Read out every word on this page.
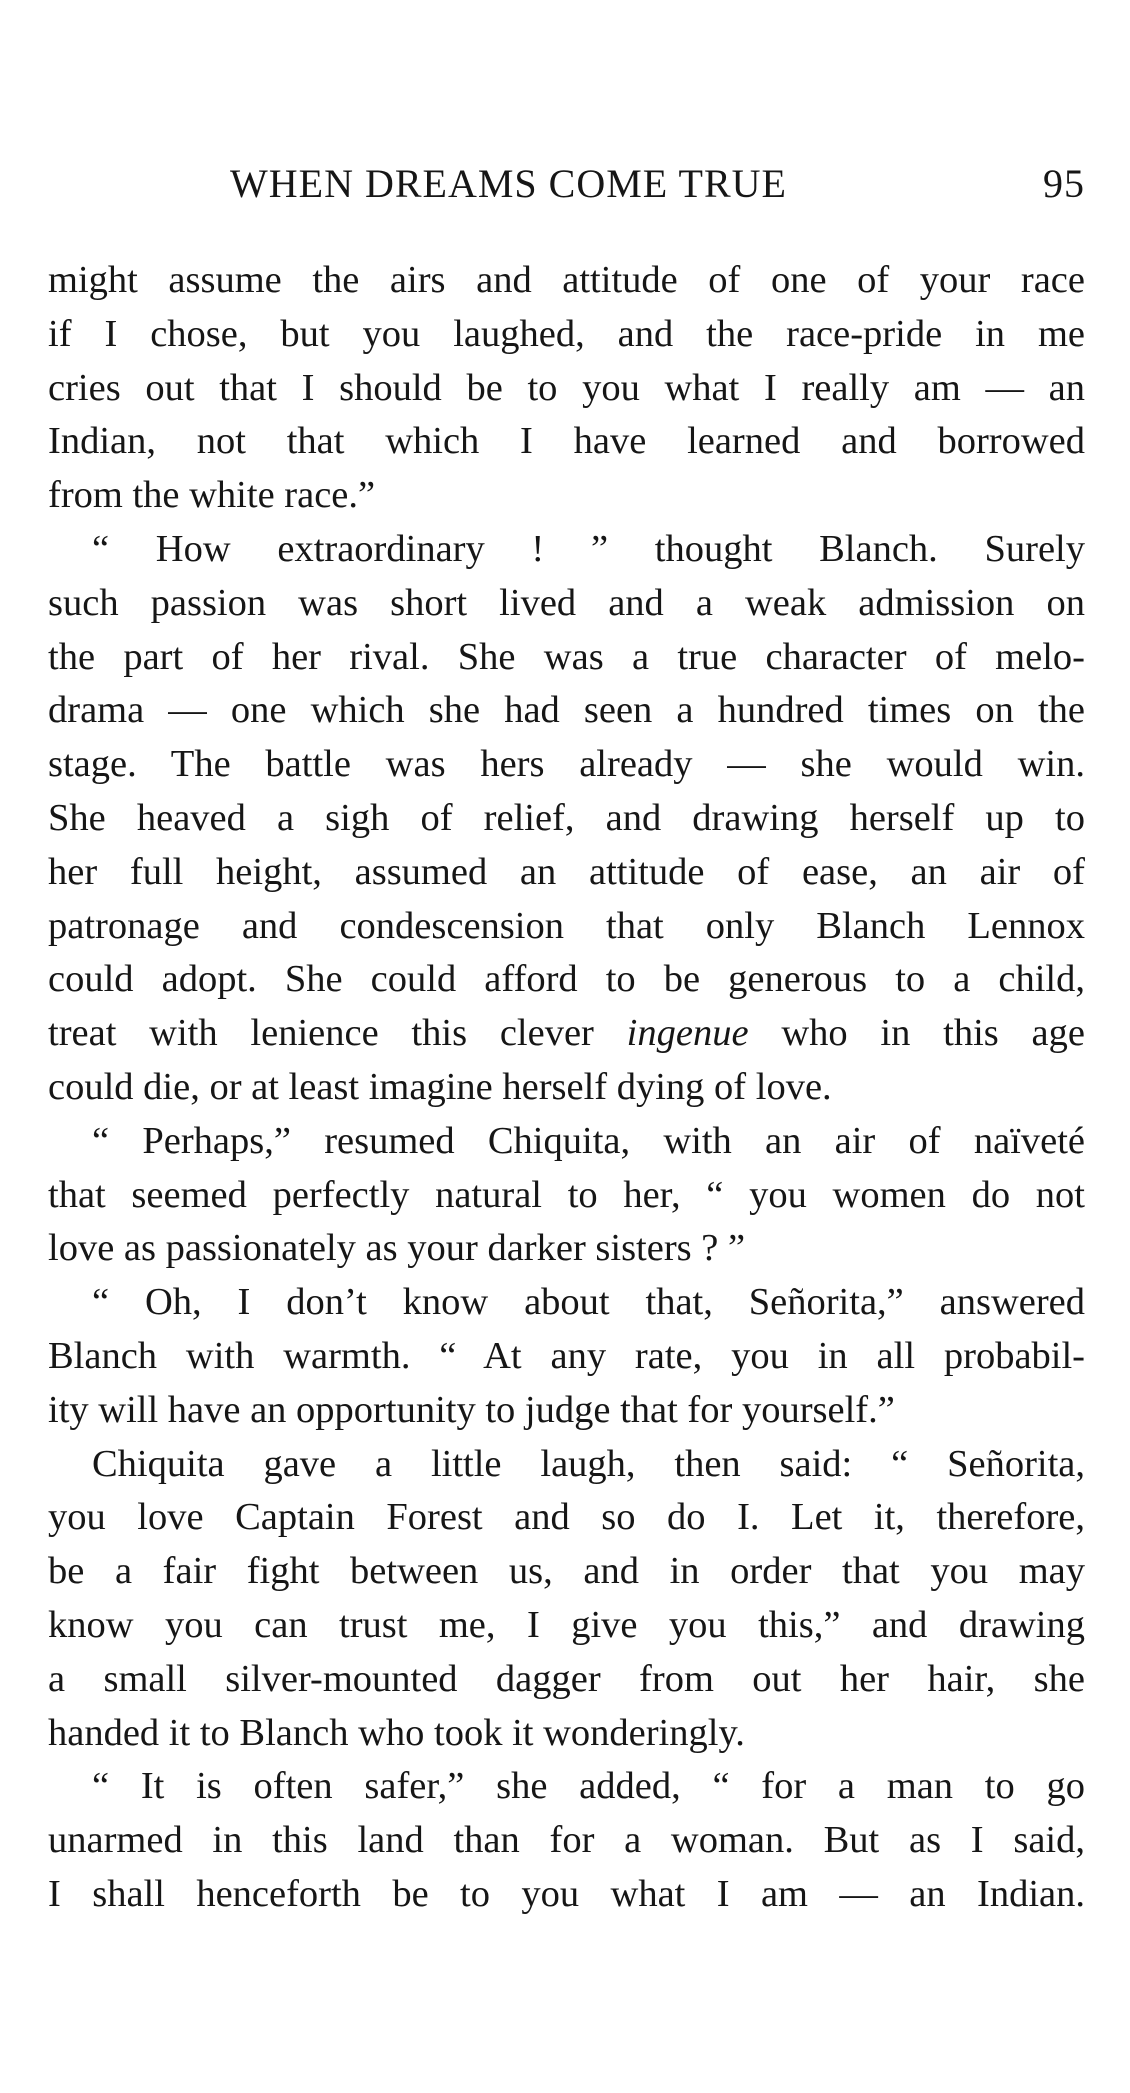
WHEN DREAMS COME TRUE	95
might assume the airs and attitude of one of your race
if I chose, but you laughed, and the race-pride in me
cries out that I should be to you what I really am — an
Indian, not that which I have learned and borrowed
from the white race.”
“ How extraordinary ! ” thought Blanch. Surely
such passion was short lived and a weak admission on
the part of her rival. She was a true character of melo-
drama — one which she had seen a hundred times on the
stage. The battle was hers already — she would win.
She heaved a sigh of relief, and drawing herself up to
her full height, assumed an attitude of ease, an air of
patronage and condescension that only Blanch Lennox
could adopt. She could afford to be generous to a child,
treat with lenience this clever ingenue who in this age
could die, or at least imagine herself dying of love.
“ Perhaps,” resumed Chiquita, with an air of naïveté
that seemed perfectly natural to her, “ you women do not
love as passionately as your darker sisters ? ”
“ Oh, I don’t know about that, Señorita,” answered
Blanch with warmth. “ At any rate, you in all probabil-
ity will have an opportunity to judge that for yourself.”
Chiquita gave a little laugh, then said: “ Señorita,
you love Captain Forest and so do I. Let it, therefore,
be a fair fight between us, and in order that you may
know you can trust me, I give you this,” and drawing
a small silver-mounted dagger from out her hair, she
handed it to Blanch who took it wonderingly.
“ It is often safer,” she added, “ for a man to go
unarmed in this land than for a woman. But as I said,
I shall henceforth be to you what I am — an Indian.
